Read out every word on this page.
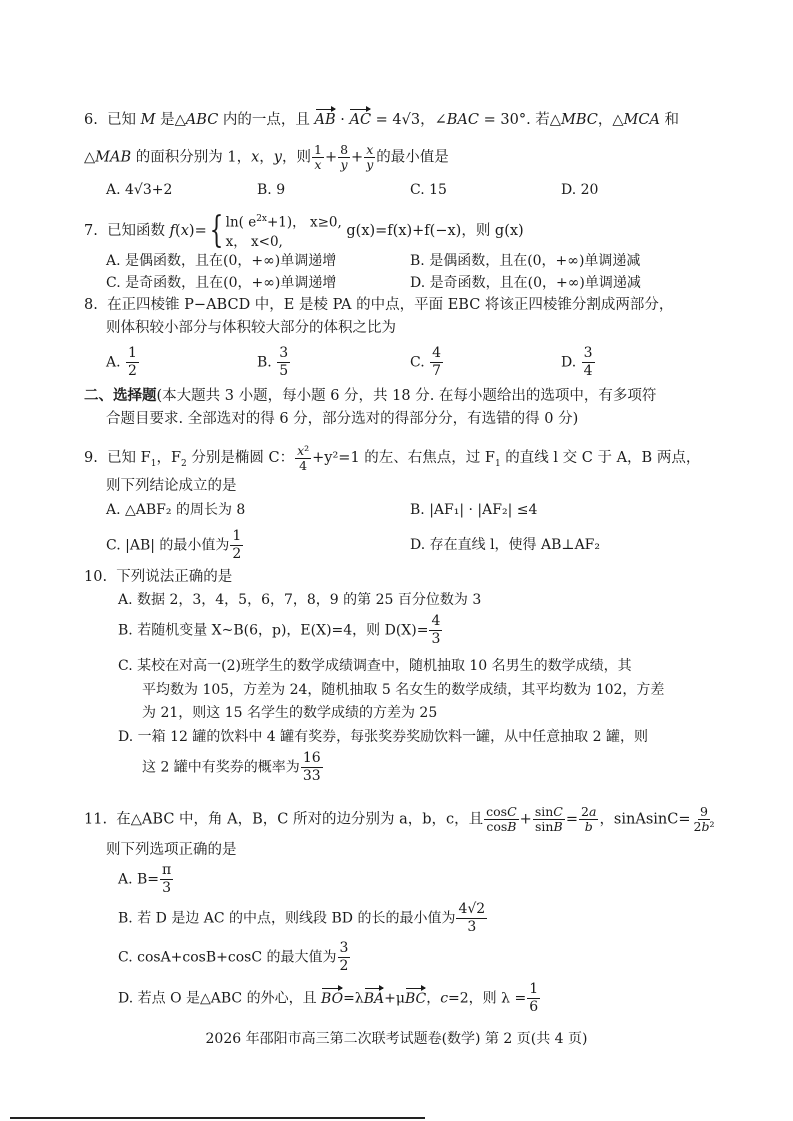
6. 已知 M 是△ABC 内的一点，且 AB · AC = 4√3，∠BAC = 30°. 若△MBC，△MCA 和
△MAB 的面积分别为 1，x，y，则 $\frac{1}{x} + \frac{8}{y} + \frac{x}{y}$ 的最小值是
A. 4√3+2	B. 9	C. 15	D. 20
7. 已知函数 f(x)={ ln( $e^{2x}+1$)， x≥0,
x， x<0,
g(x)=f(x)+f(−x)，则 g(x)
A. 是偶函数，且在(0，+∞)单调递增	B. 是偶函数，且在(0，+∞)单调递减
C. 是奇函数，且在(0，+∞)单调递增	D. 是奇函数，且在(0，+∞)单调递减
8. 在正四棱锥 P−ABCD 中，E 是棱 PA 的中点，平面 EBC 将该正四棱锥分割成两部分，
则体积较小部分与体积较大部分的体积之比为
A. $\frac{1}{2}$	B. $\frac{3}{5}$	C. $\frac{4}{7}$	D. $\frac{3}{4}$
二、选择题(本大题共 3 小题，每小题 6 分，共 18 分. 在每小题给出的选项中，有多项符
合题目要求. 全部选对的得 6 分，部分选对的得部分分，有选错的得 0 分)
9. 已知 $F_1$，$F_2$ 分别是椭圆 C： $\frac{\text{x²}}{4} +y^2=1$ 的左、右焦点，过 $F_1$ 的直线 l 交 C 于 A，B 两点，
则下列结论成立的是
A. △ABF₂ 的周长为 8	B. |AF₁| · |AF₂| ≤4
C. |AB| 的最小值为 $\frac{1}{2}$	D. 存在直线 l，使得 AB⊥AF₂
10. 下列说法正确的是
A. 数据 2，3，4，5，6，7，8，9 的第 25 百分位数为 3
B. 若随机变量 X~B(6，p)，E(X)=4，则 $D(X)= \frac{4}{3}$
C. 某校在对高一(2)班学生的数学成绩调查中，随机抽取 10 名男生的数学成绩，其
平均数为 105，方差为 24，随机抽取 5 名女生的数学成绩，其平均数为 102，方差
为 21，则这 15 名学生的数学成绩的方差为 25
D. 一箱 12 罐的饮料中 4 罐有奖券，每张奖券奖励饮料一罐，从中任意抽取 2 罐，则
这 2 罐中有奖券的概率为 $\frac{16}{33}$
11. 在△ABC 中，角 A，B，C 所对的边分别为 a，b，c，且 $\frac{\cos C}{\cos B} + \frac{\sin C}{\sin B} = \frac{2a}{b}$ ，sinAsinC= $\frac{9}{\text{2b²}}$
则下列选项正确的是
A. $B= \frac{\pi}{3}$
B. 若 D 是边 AC 的中点，则线段 BD 的长的最小值为 $\frac{4√2}{3}$
C. cosA+cosB+cosC 的最大值为 $\frac{3}{2}$
D. 若点 O 是△ABC 的外心，且 BO=λBA+μBC，c=2，则 $\lambda = \frac{1}{6}$
2026 年邵阳市高三第二次联考试题卷(数学) 第 2 页(共 4 页)
